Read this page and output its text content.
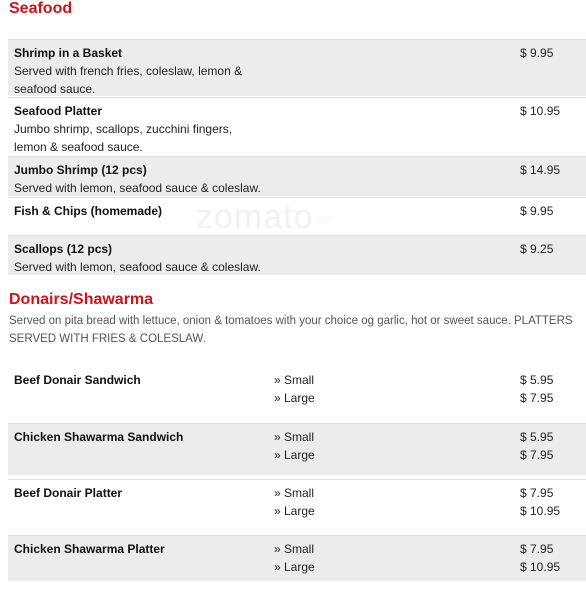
Seafood
Shrimp in a Basket
Served with french fries, coleslaw, lemon & seafood sauce.
$ 9.95
Seafood Platter
Jumbo shrimp, scallops, zucchini fingers, lemon & seafood sauce.
$ 10.95
Jumbo Shrimp (12 pcs)
Served with lemon, seafood sauce & coleslaw.
$ 14.95
Fish & Chips (homemade)	$ 9.95
Scallops (12 pcs)
Served with lemon, seafood sauce & coleslaw.
$ 9.25
Donairs/Shawarma

Served on pita bread with lettuce, onion & tomatoes with your choice og garlic, hot or sweet sauce. PLATTERS SERVED WITH FRIES & COLESLAW.

Beef Donair Sandwich	» Small	$ 5.95
» Large	$ 7.95
Chicken Shawarma Sandwich	» Small	$ 5.95
» Large	$ 7.95
Beef Donair Platter	» Small	$ 7.95
» Large	$ 10.95
Chicken Shawarma Platter	» Small	$ 7.95
» Large	$ 10.95
